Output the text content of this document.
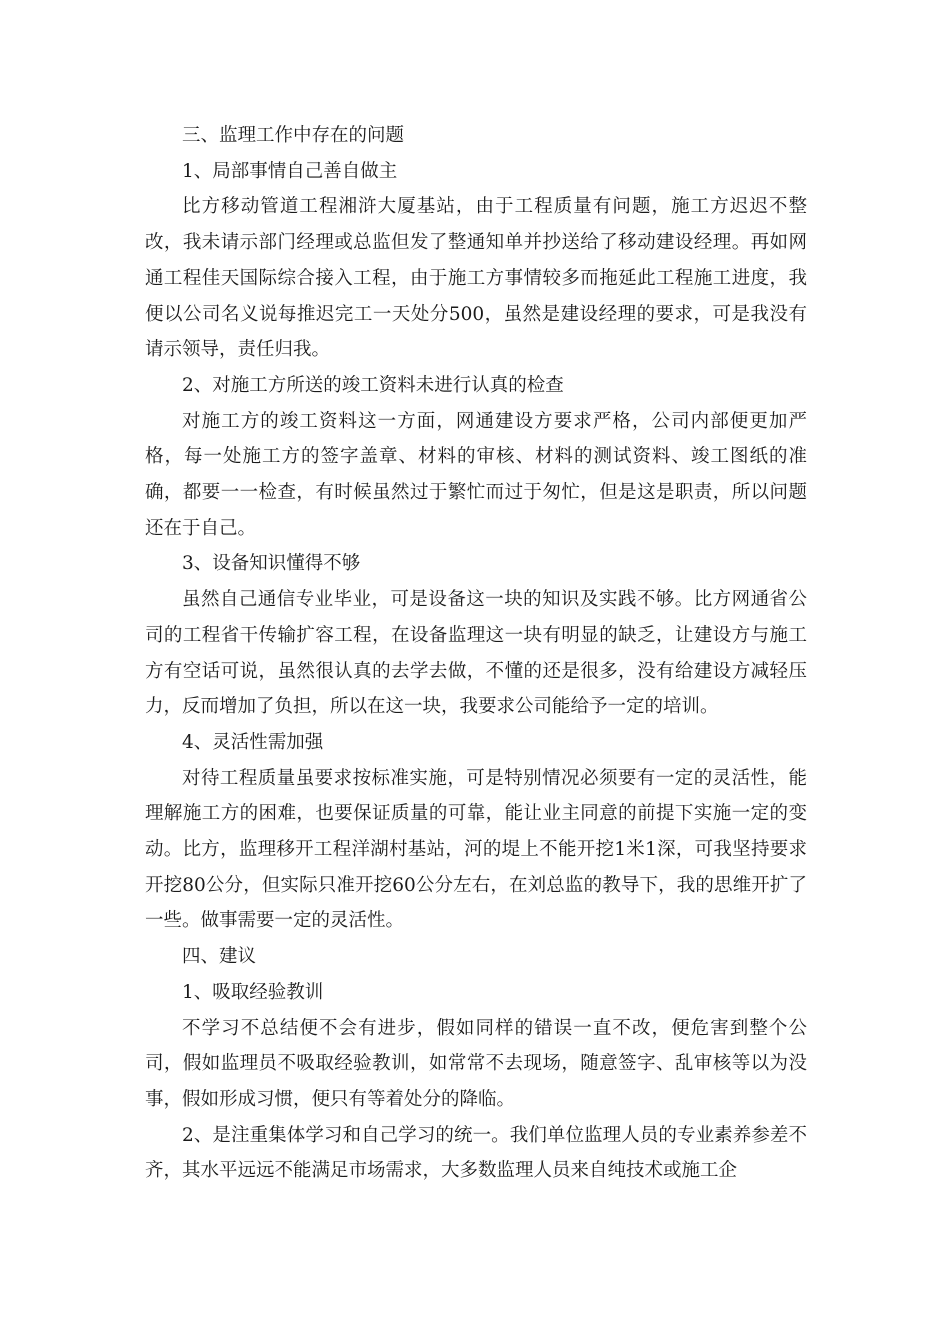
三、监理工作中存在的问题

1、局部事情自己善自做主

比方移动管道工程湘浒大厦基站，由于工程质量有问题，施工方迟迟不整改，我未请示部门经理或总监但发了整通知单并抄送给了移动建设经理。再如网通工程佳天国际综合接入工程，由于施工方事情较多而拖延此工程施工进度，我便以公司名义说每推迟完工一天处分500，虽然是建设经理的要求，可是我没有请示领导，责任归我。

2、对施工方所送的竣工资料未进行认真的检查

对施工方的竣工资料这一方面，网通建设方要求严格，公司内部便更加严格，每一处施工方的签字盖章、材料的审核、材料的测试资料、竣工图纸的准确，都要一一检查，有时候虽然过于繁忙而过于匆忙，但是这是职责，所以问题还在于自己。

3、设备知识懂得不够

虽然自己通信专业毕业，可是设备这一块的知识及实践不够。比方网通省公司的工程省干传输扩容工程，在设备监理这一块有明显的缺乏，让建设方与施工方有空话可说，虽然很认真的去学去做，不懂的还是很多，没有给建设方减轻压力，反而增加了负担，所以在这一块，我要求公司能给予一定的培训。

4、灵活性需加强

对待工程质量虽要求按标准实施，可是特别情况必须要有一定的灵活性，能理解施工方的困难，也要保证质量的可靠，能让业主同意的前提下实施一定的变动。比方，监理移开工程洋湖村基站，河的堤上不能开挖1米1深，可我坚持要求开挖80公分，但实际只准开挖60公分左右，在刘总监的教导下，我的思维开扩了一些。做事需要一定的灵活性。

四、建议

1、吸取经验教训

不学习不总结便不会有进步，假如同样的错误一直不改，便危害到整个公司，假如监理员不吸取经验教训，如常常不去现场，随意签字、乱审核等以为没事，假如形成习惯，便只有等着处分的降临。

2、是注重集体学习和自己学习的统一。我们单位监理人员的专业素养参差不齐，其水平远远不能满足市场需求，大多数监理人员来自纯技术或施工企
